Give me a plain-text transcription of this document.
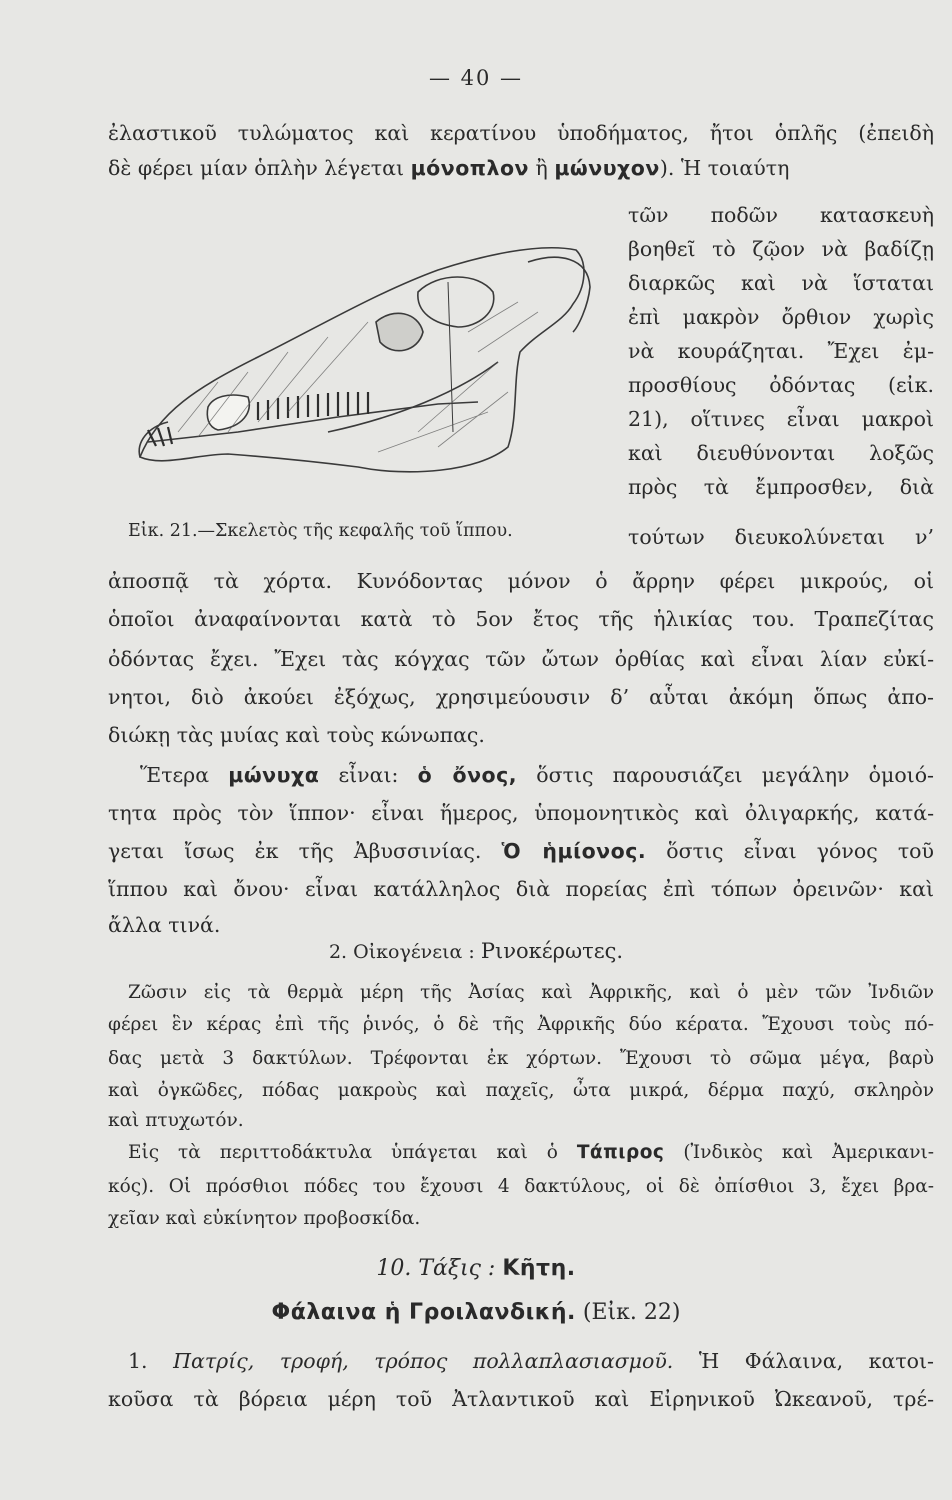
— 40 —
ἐλαστικοῦ τυλώματος καὶ κερατίνου ὑποδήματος, ἤτοι ὁπλῆς (ἐπειδὴ
δὲ φέρει μίαν ὁπλὴν λέγεται μόνοπλον ἢ μώνυχον). Ἡ τοιαύτη
τῶν ποδῶν κατασκευὴ
βοηθεῖ τὸ ζῷον νὰ βαδίζῃ
διαρκῶς καὶ νὰ ἵσταται
ἐπὶ μακρὸν ὄρθιον χωρὶς
νὰ κουράζηται. Ἔχει ἐμ-
προσθίους ὀδόντας (εἰκ.
21), οἵτινες εἶναι μακροὶ
καὶ διευθύνονται λοξῶς
πρὸς τὰ ἔμπροσθεν, διὰ
τούτων διευκολύνεται ν’
Εἰκ. 21.—Σκελετὸς τῆς κεφαλῆς τοῦ ἵππου.
ἀποσπᾷ τὰ χόρτα. Κυνόδοντας μόνον ὁ ἄρρην φέρει μικρούς, οἱ
ὁποῖοι ἀναφαίνονται κατὰ τὸ 5ον ἔτος τῆς ἡλικίας του. Τραπεζίτας
ὀδόντας ἔχει. Ἔχει τὰς κόγχας τῶν ὤτων ὀρθίας καὶ εἶναι λίαν εὐκί-
νητοι, διὸ ἀκούει ἐξόχως, χρησιμεύουσιν δ’ αὗται ἀκόμη ὅπως ἀπο-
διώκῃ τὰς μυίας καὶ τοὺς κώνωπας.
Ἕτερα μώνυχα εἶναι: ὁ ὄνος, ὅστις παρουσιάζει μεγάλην ὁμοιό-
τητα πρὸς τὸν ἵππον· εἶναι ἥμερος, ὑπομονητικὸς καὶ ὀλιγαρκής, κατά-
γεται ἴσως ἐκ τῆς Ἀβυσσινίας. Ὁ ἡμίονος. ὅστις εἶναι γόνος τοῦ
ἵππου καὶ ὄνου· εἶναι κατάλληλος διὰ πορείας ἐπὶ τόπων ὀρεινῶν· καὶ
ἄλλα τινά.
2. Οἰκογένεια : Ρινοκέρωτες.
Ζῶσιν εἰς τὰ θερμὰ μέρη τῆς Ἀσίας καὶ Ἀφρικῆς, καὶ ὁ μὲν τῶν Ἰνδιῶν
φέρει ἓν κέρας ἐπὶ τῆς ῥινός, ὁ δὲ τῆς Ἀφρικῆς δύο κέρατα. Ἔχουσι τοὺς πό-
δας μετὰ 3 δακτύλων. Τρέφονται ἐκ χόρτων. Ἔχουσι τὸ σῶμα μέγα, βαρὺ
καὶ ὀγκῶδες, πόδας μακροὺς καὶ παχεῖς, ὦτα μικρά, δέρμα παχύ, σκληρὸν
καὶ πτυχωτόν.
Εἰς τὰ περιττοδάκτυλα ὑπάγεται καὶ ὁ Τάπιρος (Ἰνδικὸς καὶ Ἀμερικανι-
κός). Οἱ πρόσθιοι πόδες του ἔχουσι 4 δακτύλους, οἱ δὲ ὀπίσθιοι 3, ἔχει βρα-
χεῖαν καὶ εὐκίνητον προβοσκίδα.
10. Τάξις : Κῆτη.
Φάλαινα ἡ Γροιλανδική. (Εἰκ. 22)
1. Πατρίς, τροφή, τρόπος πολλαπλασιασμοῦ. Ἡ Φάλαινα, κατοι-
κοῦσα τὰ βόρεια μέρη τοῦ Ἀτλαντικοῦ καὶ Εἰρηνικοῦ Ὠκεανοῦ, τρέ-
